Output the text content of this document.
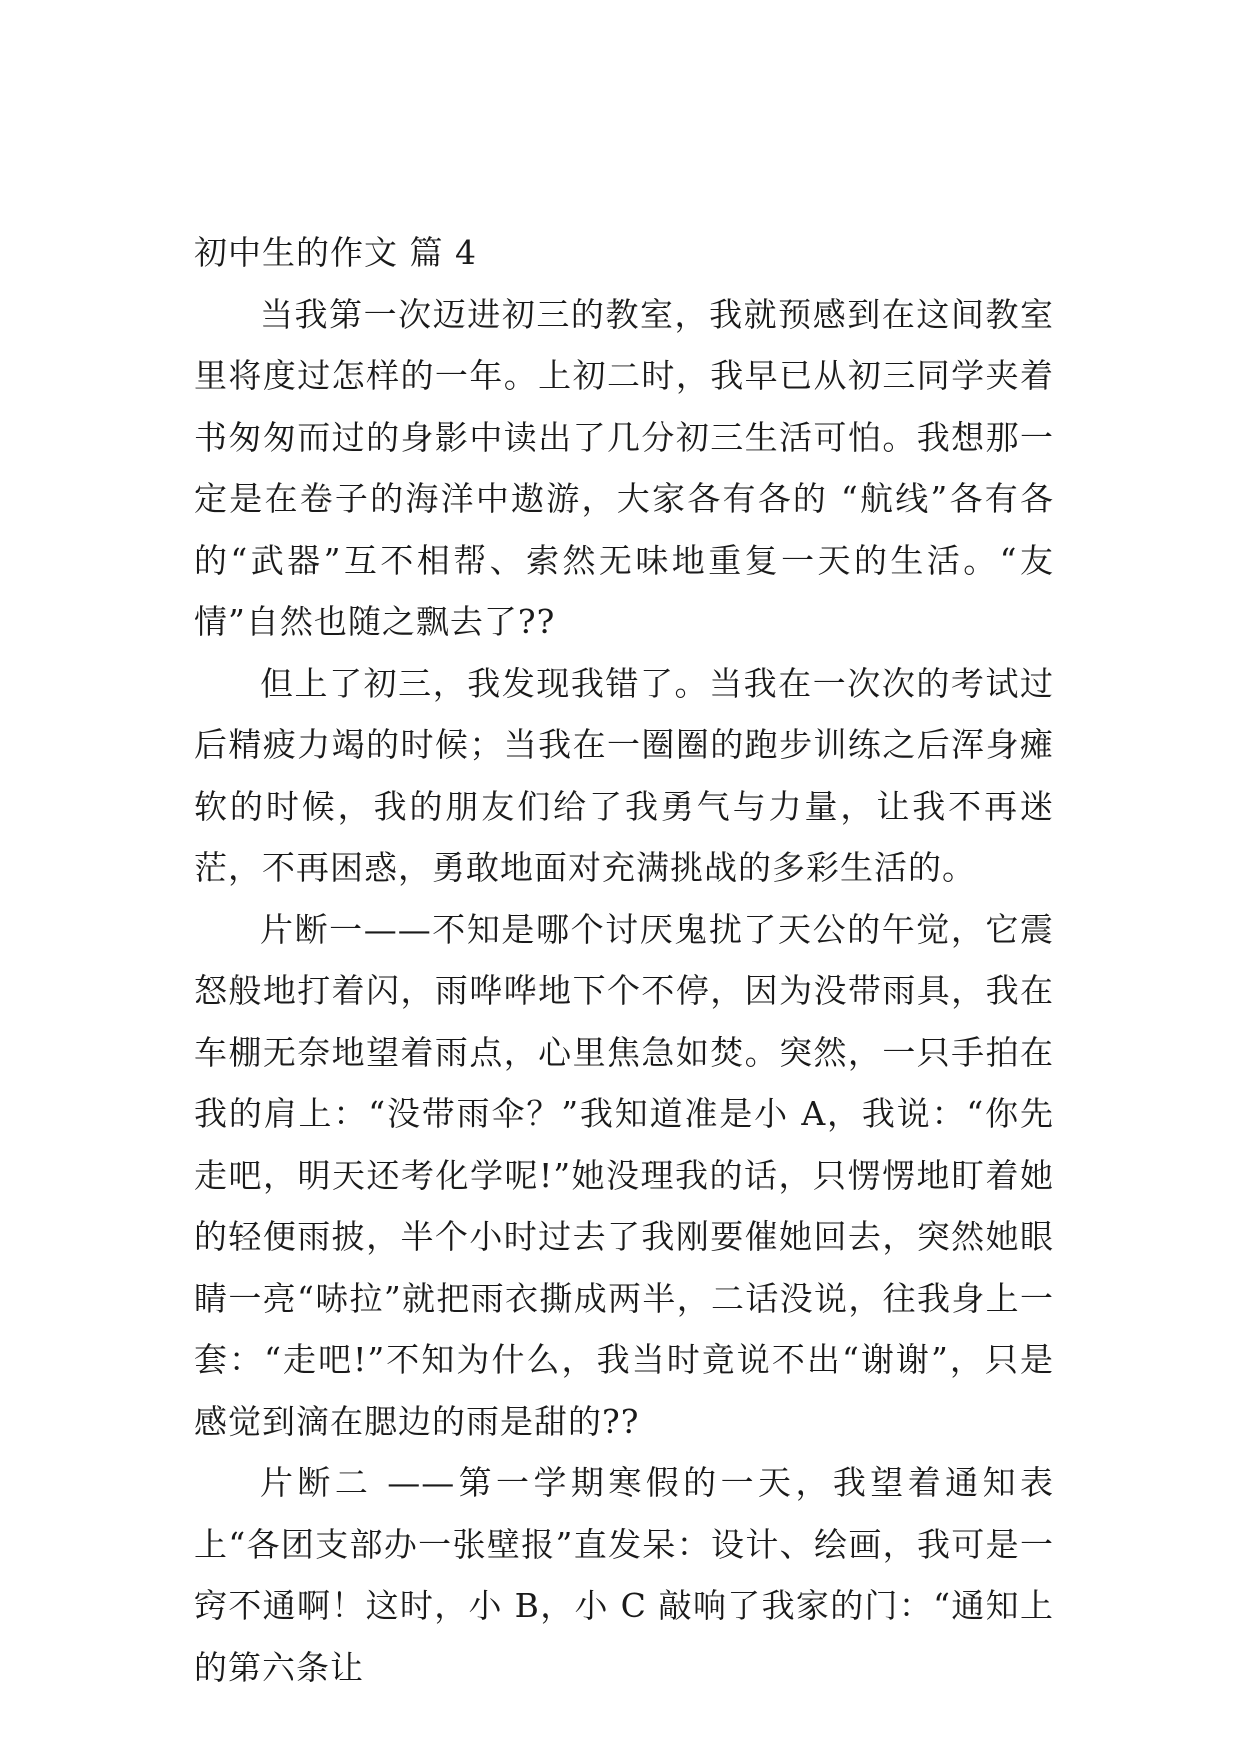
初中生的作文 篇 4

当我第一次迈进初三的教室，我就预感到在这间教室里将度过怎样的一年。上初二时，我早已从初三同学夹着书匆匆而过的身影中读出了几分初三生活可怕。我想那一定是在卷子的海洋中遨游，大家各有各的 “航线”各有各的“武器”互不相帮、索然无味地重复一天的生活。“友情”自然也随之飘去了??

但上了初三，我发现我错了。当我在一次次的考试过后精疲力竭的时候；当我在一圈圈的跑步训练之后浑身瘫软的时候，我的朋友们给了我勇气与力量，让我不再迷茫，不再困惑，勇敢地面对充满挑战的多彩生活的。

片断一——不知是哪个讨厌鬼扰了天公的午觉，它震怒般地打着闪，雨哗哗地下个不停，因为没带雨具，我在车棚无奈地望着雨点，心里焦急如焚。突然，一只手拍在我的肩上：“没带雨伞？”我知道准是小 A，我说：“你先走吧，明天还考化学呢!”她没理我的话，只愣愣地盯着她的轻便雨披，半个小时过去了我刚要催她回去，突然她眼睛一亮“哧拉”就把雨衣撕成两半，二话没说，往我身上一套：“走吧!”不知为什么，我当时竟说不出“谢谢”，只是感觉到滴在腮边的雨是甜的??

片断二 ——第一学期寒假的一天，我望着通知表上“各团支部办一张壁报”直发呆：设计、绘画，我可是一窍不通啊！这时，小 B，小 C 敲响了我家的门：“通知上的第六条让
